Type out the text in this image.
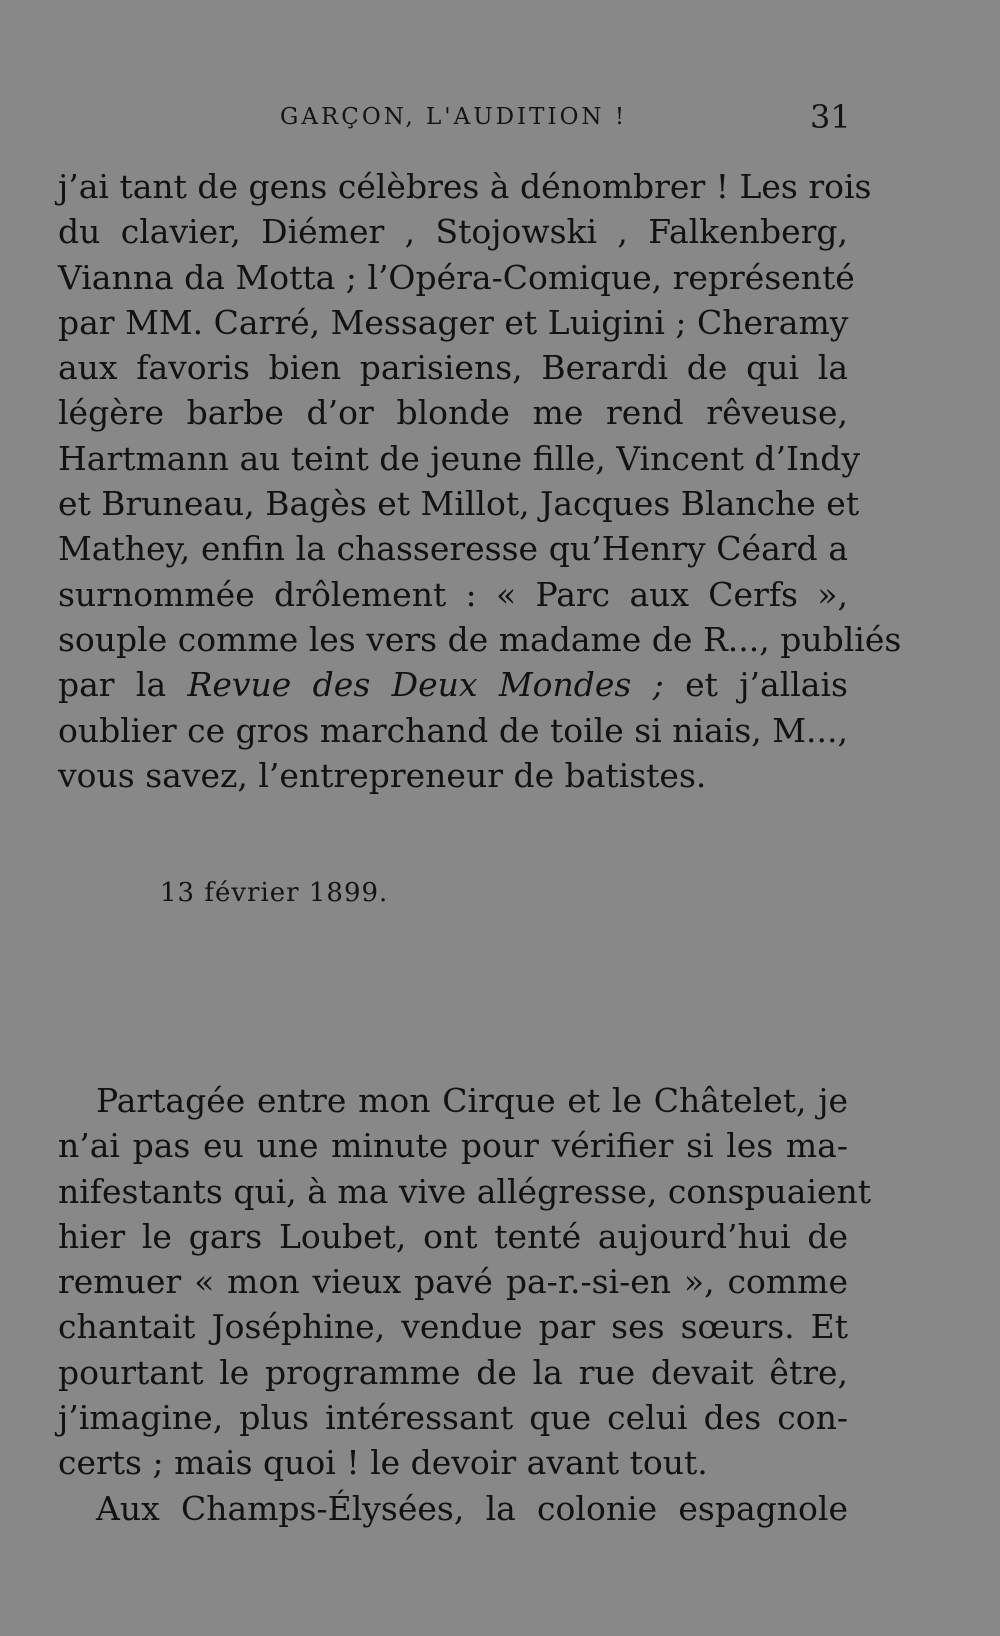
GARÇON, L'AUDITION !	31
j’ai tant de gens célèbres à dénombrer ! Les rois
du clavier, Diémer , Stojowski , Falkenberg,
Vianna da Motta ; l’Opéra-Comique, représenté
par MM. Carré, Messager et Luigini ; Cheramy
aux favoris bien parisiens, Berardi de qui la
légère barbe d’or blonde me rend rêveuse,
Hartmann au teint de jeune fille, Vincent d’Indy
et Bruneau, Bagès et Millot, Jacques Blanche et
Mathey, enfin la chasseresse qu’Henry Céard a
surnommée drôlement : « Parc aux Cerfs »,
souple comme les vers de madame de R..., publiés
par la Revue des Deux Mondes ; et j’allais
oublier ce gros marchand de toile si niais, M...,
vous savez, l’entrepreneur de batistes.
13 février 1899.
Partagée entre mon Cirque et le Châtelet, je
n’ai pas eu une minute pour vérifier si les ma-
nifestants qui, à ma vive allégresse, conspuaient
hier le gars Loubet, ont tenté aujourd’hui de
remuer « mon vieux pavé pa-r.-si-en », comme
chantait Joséphine, vendue par ses sœurs. Et
pourtant le programme de la rue devait être,
j’imagine, plus intéressant que celui des con-
certs ; mais quoi ! le devoir avant tout.
Aux Champs-Élysées, la colonie espagnole
